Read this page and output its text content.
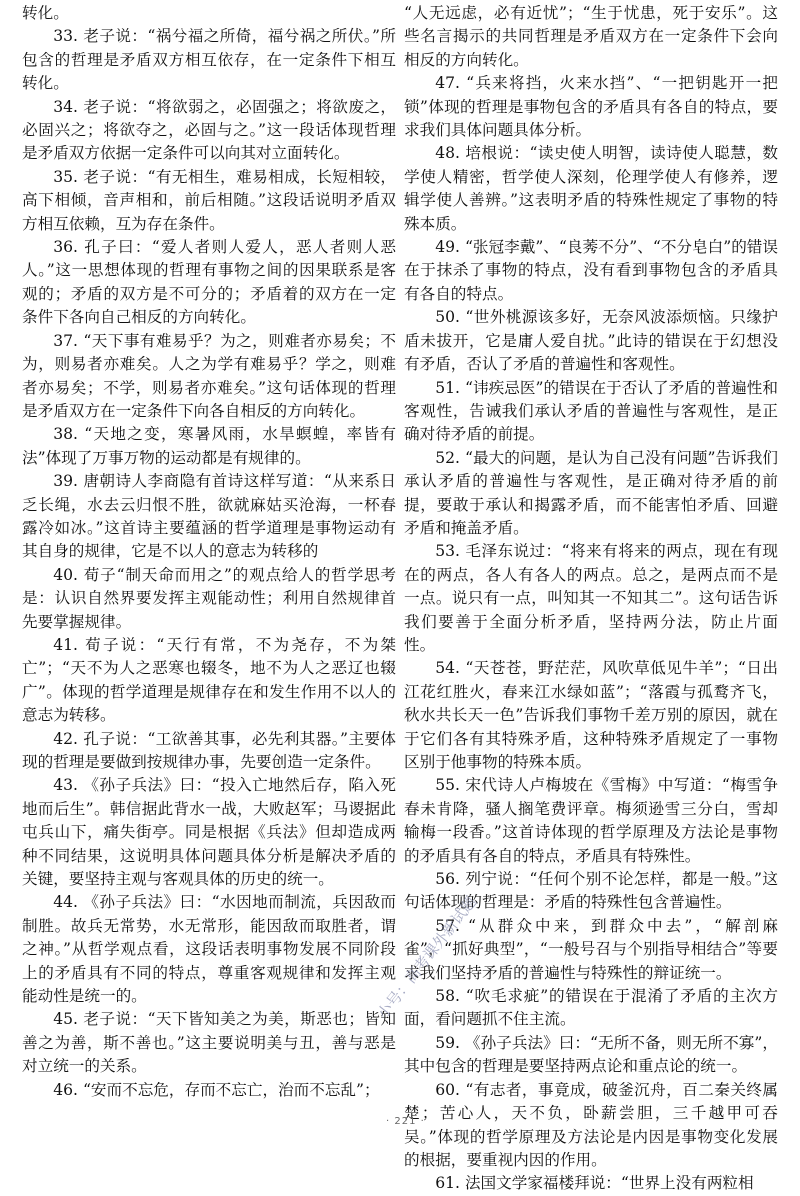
转化。

33. 老子说：“祸兮福之所倚，福兮祸之所伏。”所包含的哲理是矛盾双方相互依存，在一定条件下相互转化。

34. 老子说：“将欲弱之，必固强之；将欲废之，必固兴之；将欲夺之，必固与之。”这一段话体现哲理是矛盾双方依据一定条件可以向其对立面转化。

35. 老子说：“有无相生，难易相成，长短相较，高下相倾，音声相和，前后相随。”这段话说明矛盾双方相互依赖，互为存在条件。

36. 孔子曰：“爱人者则人爱人，恶人者则人恶人。”这一思想体现的哲理有事物之间的因果联系是客观的；矛盾的双方是不可分的；矛盾着的双方在一定条件下各向自己相反的方向转化。

37. “天下事有难易乎？为之，则难者亦易矣；不为，则易者亦难矣。人之为学有难易乎？学之，则难者亦易矣；不学，则易者亦难矣。”这句话体现的哲理是矛盾双方在一定条件下向各自相反的方向转化。

38. “天地之变，寒暑风雨，水旱螟蝗，率皆有法”体现了万事万物的运动都是有规律的。

39. 唐朝诗人李商隐有首诗这样写道：“从来系日乏长绳，水去云归恨不胜，欲就麻姑买沧海，一杯春露冷如冰。”这首诗主要蕴涵的哲学道理是事物运动有其自身的规律，它是不以人的意志为转移的

40. 荀子“制天命而用之”的观点给人的哲学思考是：认识自然界要发挥主观能动性；利用自然规律首先要掌握规律。

41. 荀子说：“天行有常，不为尧存，不为桀亡”；“天不为人之恶寒也辍冬，地不为人之恶辽也辍广”。体现的哲学道理是规律存在和发生作用不以人的意志为转移。

42. 孔子说：“工欲善其事，必先利其器。”主要体现的哲理是要做到按规律办事，先要创造一定条件。

43. 《孙子兵法》曰：“投入亡地然后存，陷入死地而后生”。韩信据此背水一战，大败赵军；马谡据此屯兵山下，痛失街亭。同是根据《兵法》但却造成两种不同结果，这说明具体问题具体分析是解决矛盾的关键，要坚持主观与客观具体的历史的统一。

44. 《孙子兵法》曰：“水因地而制流，兵因敌而制胜。故兵无常势，水无常形，能因敌而取胜者，谓之神。”从哲学观点看，这段话表明事物发展不同阶段上的矛盾具有不同的特点，尊重客观规律和发挥主观能动性是统一的。

45. 老子说：“天下皆知美之为美，斯恶也；皆知善之为善，斯不善也。”这主要说明美与丑，善与恶是对立统一的关系。

46. “安而不忘危，存而不忘亡，治而不忘乱”；

“人无远虑，必有近忧”；“生于忧患，死于安乐”。这些名言揭示的共同哲理是矛盾双方在一定条件下会向相反的方向转化。

47. “兵来将挡，火来水挡”、“一把钥匙开一把锁”体现的哲理是事物包含的矛盾具有各自的特点，要求我们具体问题具体分析。

48. 培根说：“读史使人明智，读诗使人聪慧，数学使人精密，哲学使人深刻，伦理学使人有修养，逻辑学使人善辨。”这表明矛盾的特殊性规定了事物的特殊本质。

49. “张冠李戴”、“良莠不分”、“不分皂白”的错误在于抹杀了事物的特点，没有看到事物包含的矛盾具有各自的特点。

50. “世外桃源该多好，无奈风波添烦恼。只缘护盾未拔开，它是庸人爱自扰。”此诗的错误在于幻想没有矛盾，否认了矛盾的普遍性和客观性。

51. “讳疾忌医”的错误在于否认了矛盾的普遍性和客观性，告诫我们承认矛盾的普遍性与客观性，是正确对待矛盾的前提。

52. “最大的问题，是认为自己没有问题”告诉我们承认矛盾的普遍性与客观性，是正确对待矛盾的前提，要敢于承认和揭露矛盾，而不能害怕矛盾、回避矛盾和掩盖矛盾。

53. 毛泽东说过：“将来有将来的两点，现在有现在的两点，各人有各人的两点。总之，是两点而不是一点。说只有一点，叫知其一不知其二”。这句话告诉我们要善于全面分析矛盾，坚持两分法，防止片面性。

54. “天苍苍，野茫茫，风吹草低见牛羊”；“日出江花红胜火，春来江水绿如蓝”；“落霞与孤鹜齐飞，秋水共长天一色”告诉我们事物千差万别的原因，就在于它们各有其特殊矛盾，这种特殊矛盾规定了一事物区别于他事物的特殊本质。

55. 宋代诗人卢梅坡在《雪梅》中写道：“梅雪争春未肯降，骚人搁笔费评章。梅须逊雪三分白，雪却输梅一段香。”这首诗体现的哲学原理及方法论是事物的矛盾具有各自的特点，矛盾具有特殊性。

56. 列宁说：“任何个别不论怎样，都是一般。”这句话体现的哲理是：矛盾的特殊性包含普遍性。

57. “从群众中来，到群众中去”，“解剖麻雀”，“抓好典型”，“一般号召与个别指导相结合”等要求我们坚持矛盾的普遍性与特殊性的辩证统一。

58. “吹毛求疵”的错误在于混淆了矛盾的主次方面，看问题抓不住主流。

59. 《孙子兵法》曰：“无所不备，则无所不寡”，其中包含的哲理是要坚持两点论和重点论的统一。

60. “有志者，事竟成，破釜沉舟，百二秦关终属楚；苦心人，天不负，卧薪尝胆，三千越甲可吞吴。”体现的哲学原理及方法论是内因是事物变化发展的根据，要重视内因的作用。

61. 法国文学家福楼拜说：“世界上没有两粒相

小号：高考课外新试题
· 221 ·
